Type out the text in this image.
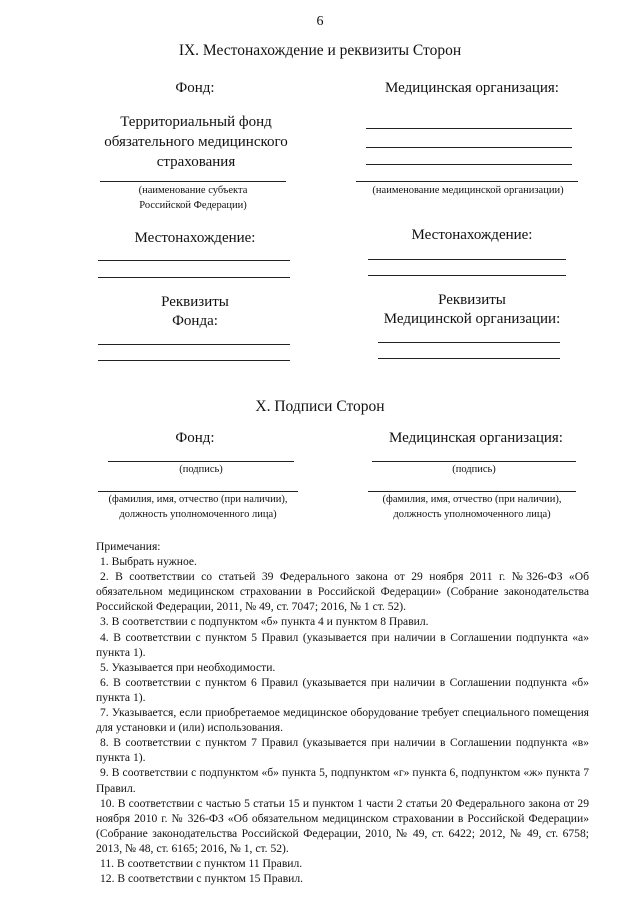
6
IX. Местонахождение и реквизиты Сторон
Фонд:	Медицинская организация:
Территориальный фонд
обязательного медицинского
страхования
(наименование субъекта
Российской Федерации)
(наименование медицинской организации)
Местонахождение:	Местонахождение:
Реквизиты
Фонда:
Реквизиты
Медицинской организации:
X. Подписи Сторон
Фонд:	Медицинская организация:
(подпись)	(подпись)
(фамилия, имя, отчество (при наличии),
должность уполномоченного лица)
(фамилия, имя, отчество (при наличии),
должность уполномоченного лица)

Примечания:

1. Выбрать нужное.

2. В соответствии со статьей 39 Федерального закона от 29 ноября 2011 г. №326-ФЗ «Об обязательном медицинском страховании в Российской Федерации» (Собрание законодательства Российской Федерации, 2011, № 49, ст. 7047; 2016, № 1 ст. 52).

3. В соответствии с подпунктом «б» пункта 4 и пунктом 8 Правил.

4. В соответствии с пунктом 5 Правил (указывается при наличии в Соглашении подпункта «а» пункта 1).

5. Указывается при необходимости.

6. В соответствии с пунктом 6 Правил (указывается при наличии в Соглашении подпункта «б» пункта 1).

7. Указывается, если приобретаемое медицинское оборудование требует специального помещения для установки и (или) использования.

8. В соответствии с пунктом 7 Правил (указывается при наличии в Соглашении подпункта «в» пункта 1).

9. В соответствии с подпунктом «б» пункта 5, подпунктом «г» пункта 6, подпунктом «ж» пункта 7 Правил.

10. В соответствии с частью 5 статьи 15 и пунктом 1 части 2 статьи 20 Федерального закона от 29 ноября 2010 г. № 326-ФЗ «Об обязательном медицинском страховании в Российской Федерации» (Собрание законодательства Российской Федерации, 2010, № 49, ст. 6422; 2012, № 49, ст. 6758; 2013, № 48, ст. 6165; 2016, № 1, ст. 52).

11. В соответствии с пунктом 11 Правил.

12. В соответствии с пунктом 15 Правил.
